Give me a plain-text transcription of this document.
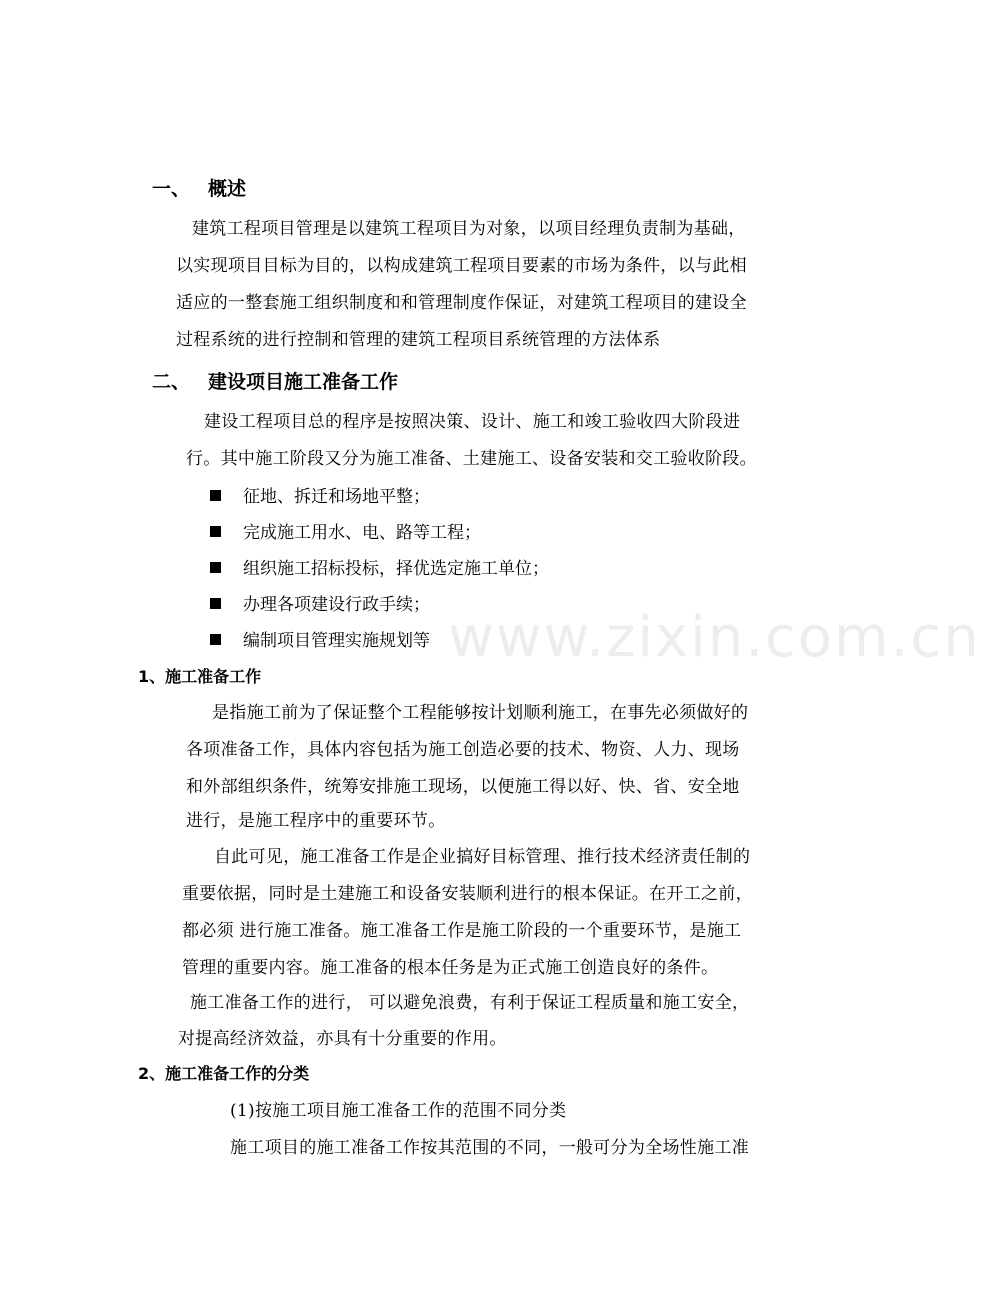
www.zixin.com.cn
一、 概述
建筑工程项目管理是以建筑工程项目为对象，以项目经理负责制为基础，
以实现项目目标为目的，以构成建筑工程项目要素的市场为条件，以与此相
适应的一整套施工组织制度和和管理制度作保证，对建筑工程项目的建设全
过程系统的进行控制和管理的建筑工程项目系统管理的方法体系
二、 建设项目施工准备工作
建设工程项目总的程序是按照决策、设计、施工和竣工验收四大阶段进
行。其中施工阶段又分为施工准备、土建施工、设备安装和交工验收阶段。
征地、拆迁和场地平整；
完成施工用水、电、路等工程；
组织施工招标投标，择优选定施工单位；
办理各项建设行政手续；
编制项目管理实施规划等
1、施工准备工作
是指施工前为了保证整个工程能够按计划顺利施工，在事先必须做好的
各项准备工作，具体内容包括为施工创造必要的技术、物资、人力、现场
和外部组织条件，统筹安排施工现场，以便施工得以好、快、省、安全地
进行，是施工程序中的重要环节。
自此可见，施工准备工作是企业搞好目标管理、推行技术经济责任制的
重要依据，同时是土建施工和设备安装顺利进行的根本保证。在开工之前，
都必须 进行施工准备。施工准备工作是施工阶段的一个重要环节，是施工
管理的重要内容。施工准备的根本任务是为正式施工创造良好的条件。
施工准备工作的进行， 可以避免浪费，有利于保证工程质量和施工安全，
对提高经济效益，亦具有十分重要的作用。
2、施工准备工作的分类
(1)按施工项目施工准备工作的范围不同分类
施工项目的施工准备工作按其范围的不同，一般可分为全场性施工准
